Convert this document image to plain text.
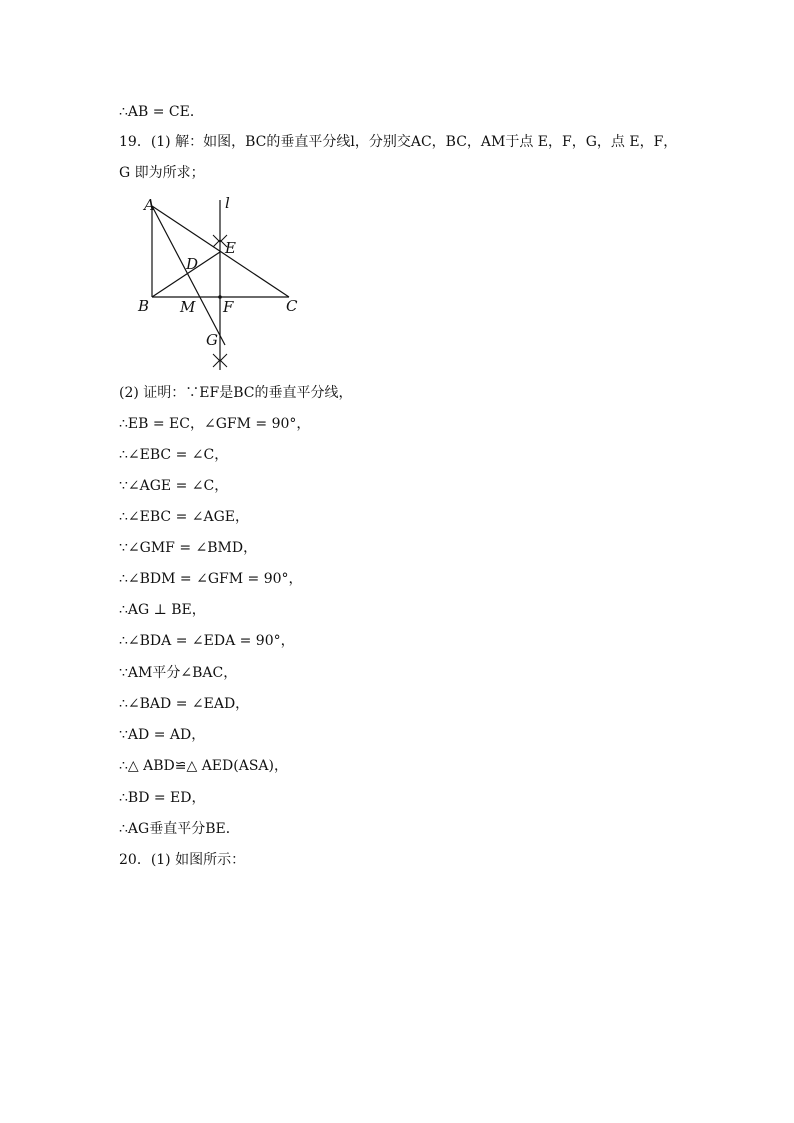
∴AB = CE．
19．(1) 解：如图，BC的垂直平分线l，分别交AC，BC，AM于点 E，F，G，点 E，F，G 即为所求；
A	l
E
D
B M F	C
G
(2) 证明：∵EF是BC的垂直平分线，
∴EB = EC，∠GFM = 90°，
∴∠EBC = ∠C，
∵∠AGE = ∠C，
∴∠EBC = ∠AGE，
∵∠GMF = ∠BMD，
∴∠BDM = ∠GFM = 90°，
∴AG ⊥ BE，
∴∠BDA = ∠EDA = 90°，
∵AM平分∠BAC，
∴∠BAD = ∠EAD，
∵AD = AD，
∴△ ABD≌△ AED(ASA)，
∴BD = ED，
∴AG垂直平分BE．
20．(1) 如图所示：
